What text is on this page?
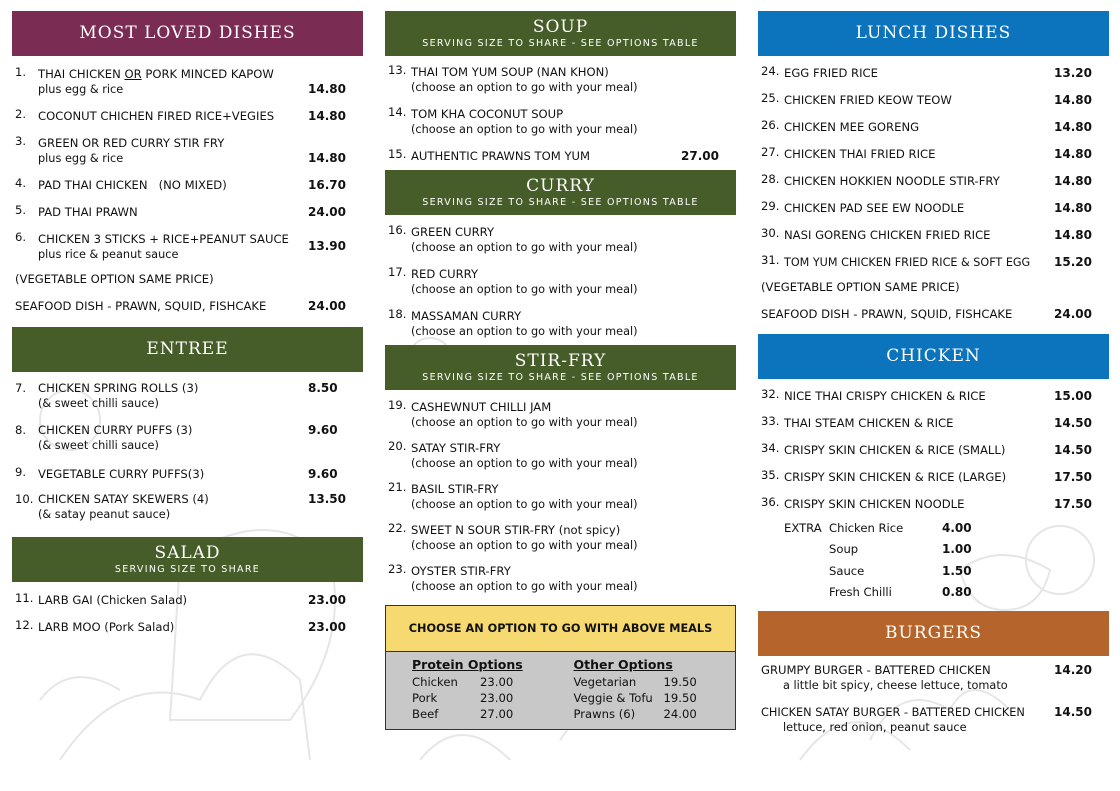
MOST LOVED DISHES
1.	THAI CHICKEN OR PORK MINCED KAPOW
plus egg & rice	14.80
2.	COCONUT CHICHEN FIRED RICE+VEGIES	14.80
3.	GREEN OR RED CURRY STIR FRY
plus egg & rice	14.80
4.	PAD THAI CHICKEN   (NO MIXED)	16.70
5.	PAD THAI PRAWN	24.00
6.	CHICKEN 3 STICKS + RICE+PEANUT SAUCE
plus rice & peanut sauce
13.90
(VEGETABLE OPTION SAME PRICE)
SEAFOOD DISH - PRAWN, SQUID, FISHCAKE	24.00
ENTREE
7.	CHICKEN SPRING ROLLS (3)
(& sweet chilli sauce)
8.50
8.	CHICKEN CURRY PUFFS (3)
(& sweet chilli sauce)
9.60
9.	VEGETABLE CURRY PUFFS(3)	9.60
10. CHICKEN SATAY SKEWERS (4)
(& satay peanut sauce)
13.50
SALAD
SERVING SIZE TO SHARE
11. LARB GAI (Chicken Salad)	23.00
12. LARB MOO (Pork Salad)	23.00
SOUP
SERVING SIZE TO SHARE - SEE OPTIONS TABLE
13. THAI TOM YUM SOUP (NAN KHON)
(choose an option to go with your meal)
14. TOM KHA COCONUT SOUP
(choose an option to go with your meal)
15. AUTHENTIC PRAWNS TOM YUM	27.00
CURRY
SERVING SIZE TO SHARE - SEE OPTIONS TABLE
16. GREEN CURRY
(choose an option to go with your meal)
17. RED CURRY
(choose an option to go with your meal)
18. MASSAMAN CURRY
(choose an option to go with your meal)
STIR-FRY
SERVING SIZE TO SHARE - SEE OPTIONS TABLE
19. CASHEWNUT CHILLI JAM
(choose an option to go with your meal)
20. SATAY STIR-FRY
(choose an option to go with your meal)
21. BASIL STIR-FRY
(choose an option to go with your meal)
22. SWEET N SOUR STIR-FRY (not spicy)
(choose an option to go with your meal)
23. OYSTER STIR-FRY
(choose an option to go with your meal)
CHOOSE AN OPTION TO GO WITH ABOVE MEALS
Protein Options
Chicken	23.00
Pork	23.00
Beef	27.00
Other Options
Vegetarian	19.50
Veggie & Tofu 19.50
Prawns (6)	24.00
LUNCH DISHES
24. EGG FRIED RICE	13.20
25. CHICKEN FRIED KEOW TEOW	14.80
26. CHICKEN MEE GORENG	14.80
27. CHICKEN THAI FRIED RICE	14.80
28. CHICKEN HOKKIEN NOODLE STIR-FRY	14.80
29. CHICKEN PAD SEE EW NOODLE	14.80
30. NASI GORENG CHICKEN FRIED RICE	14.80
31. TOM YUM CHICKEN FRIED RICE & SOFT EGG	15.20
(VEGETABLE OPTION SAME PRICE)
SEAFOOD DISH - PRAWN, SQUID, FISHCAKE	24.00
CHICKEN
32. NICE THAI CRISPY CHICKEN & RICE	15.00
33. THAI STEAM CHICKEN & RICE	14.50
34. CRISPY SKIN CHICKEN & RICE (SMALL)	14.50
35. CRISPY SKIN CHICKEN & RICE (LARGE)	17.50
36. CRISPY SKIN CHICKEN NOODLE	17.50
EXTRA Chicken Rice	4.00
Soup	1.00
Sauce	1.50
Fresh Chilli	0.80
BURGERS
GRUMPY BURGER - BATTERED CHICKEN
a little bit spicy, cheese lettuce, tomato
14.20
CHICKEN SATAY BURGER - BATTERED CHICKEN
lettuce, red onion, peanut sauce
14.50
